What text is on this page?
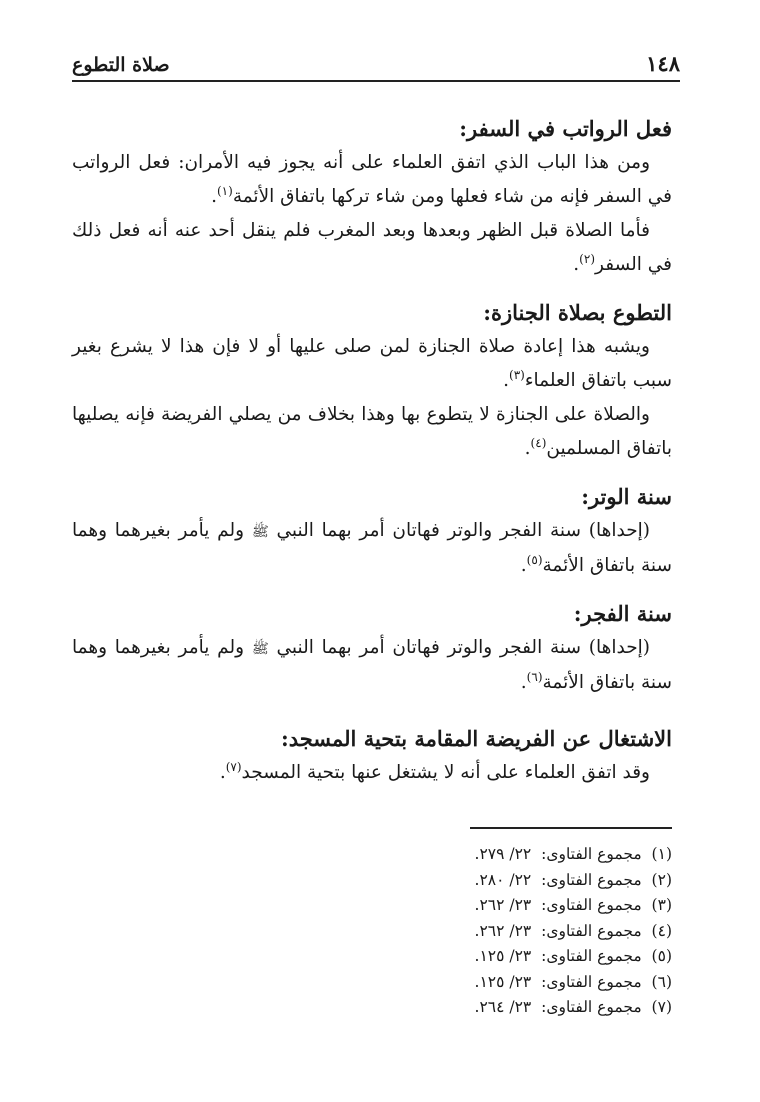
١٤٨
صلاة التطوع
فعل الرواتب في السفر:

ومن هذا الباب الذي اتفق العلماء على أنه يجوز فيه الأمران: فعل الرواتب في السفر فإنه من شاء فعلها ومن شاء تركها باتفاق الأئمة$^{(١)}$.

فأما الصلاة قبل الظهر وبعدها وبعد المغرب فلم ينقل أحد عنه أنه فعل ذلك في السفر$^{(٢)}$.

التطوع بصلاة الجنازة:

ويشبه هذا إعادة صلاة الجنازة لمن صلى عليها أو لا فإن هذا لا يشرع بغير سبب باتفاق العلماء$^{(٣)}$.

والصلاة على الجنازة لا يتطوع بها وهذا بخلاف من يصلي الفريضة فإنه يصليها باتفاق المسلمين$^{(٤)}$.

سنة الوتر:

(إحداها) سنة الفجر والوتر فهاتان أمر بهما النبي ﷺ ولم يأمر بغيرهما وهما سنة باتفاق الأئمة$^{(٥)}$.

سنة الفجر:

(إحداها) سنة الفجر والوتر فهاتان أمر بهما النبي ﷺ ولم يأمر بغيرهما وهما سنة باتفاق الأئمة$^{(٦)}$.

الاشتغال عن الفريضة المقامة بتحية المسجد:

وقد اتفق العلماء على أنه لا يشتغل عنها بتحية المسجد$^{(٧)}$.

(١)  مجموع الفتاوى:  ٢٢/ ٢٧٩.
(٢)  مجموع الفتاوى:  ٢٢/ ٢٨٠.
(٣)  مجموع الفتاوى:  ٢٣/ ٢٦٢.
(٤)  مجموع الفتاوى:  ٢٣/ ٢٦٢.
(٥)  مجموع الفتاوى:  ٢٣/ ١٢٥.
(٦)  مجموع الفتاوى:  ٢٣/ ١٢٥.
(٧)  مجموع الفتاوى:  ٢٣/ ٢٦٤.
